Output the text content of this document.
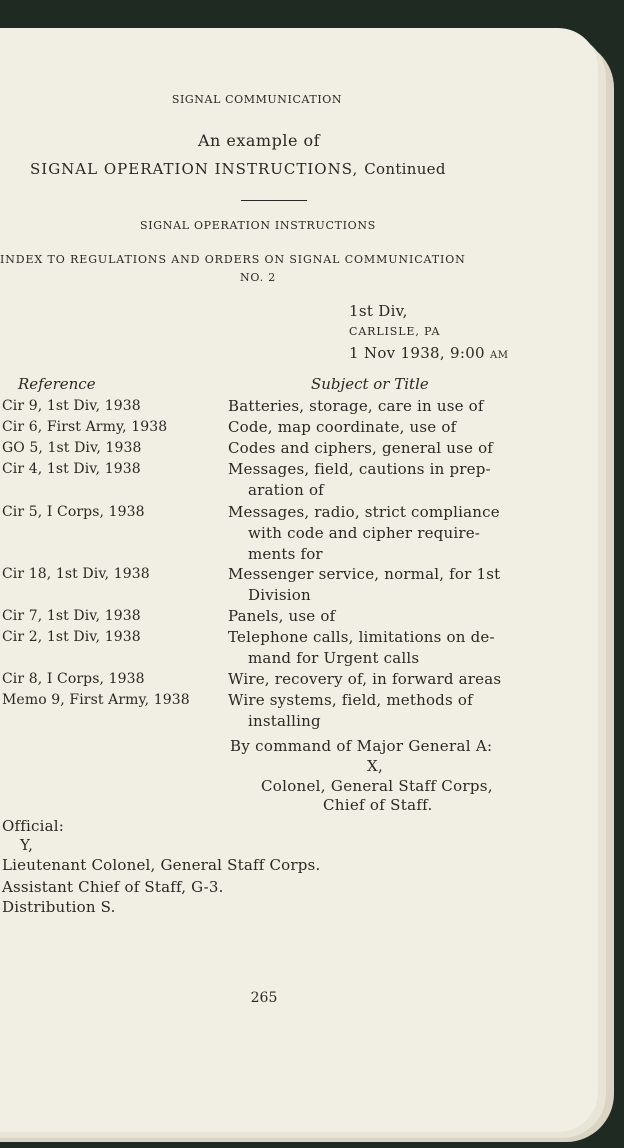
SIGNAL COMMUNICATION
An example of
SIGNAL OPERATION INSTRUCTIONS, Continued
SIGNAL OPERATION INSTRUCTIONS
INDEX TO REGULATIONS AND ORDERS ON SIGNAL COMMUNICATION
NO. 2
1st Div,
CARLISLE, PA
1 Nov 1938, 9:00 AM
Reference	Subject or Title
Cir 9, 1st Div, 1938	Batteries, storage, care in use of
Cir 6, First Army, 1938	Code, map coordinate, use of
GO 5, 1st Div, 1938	Codes and ciphers, general use of
Cir 4, 1st Div, 1938	Messages, field, cautions in prep-
aration of
Cir 5, I Corps, 1938	Messages, radio, strict compliance
with code and cipher require-
ments for
Cir 18, 1st Div, 1938	Messenger service, normal, for 1st
Division
Cir 7, 1st Div, 1938	Panels, use of
Cir 2, 1st Div, 1938	Telephone calls, limitations on de-
mand for Urgent calls
Cir 8, I Corps, 1938	Wire, recovery of, in forward areas
Memo 9, First Army, 1938	Wire systems, field, methods of
installing
By command of Major General A:
X,
Colonel, General Staff Corps,
Chief of Staff.
Official:
Y,
Lieutenant Colonel, General Staff Corps.
Assistant Chief of Staff, G-3.
Distribution S.
265
